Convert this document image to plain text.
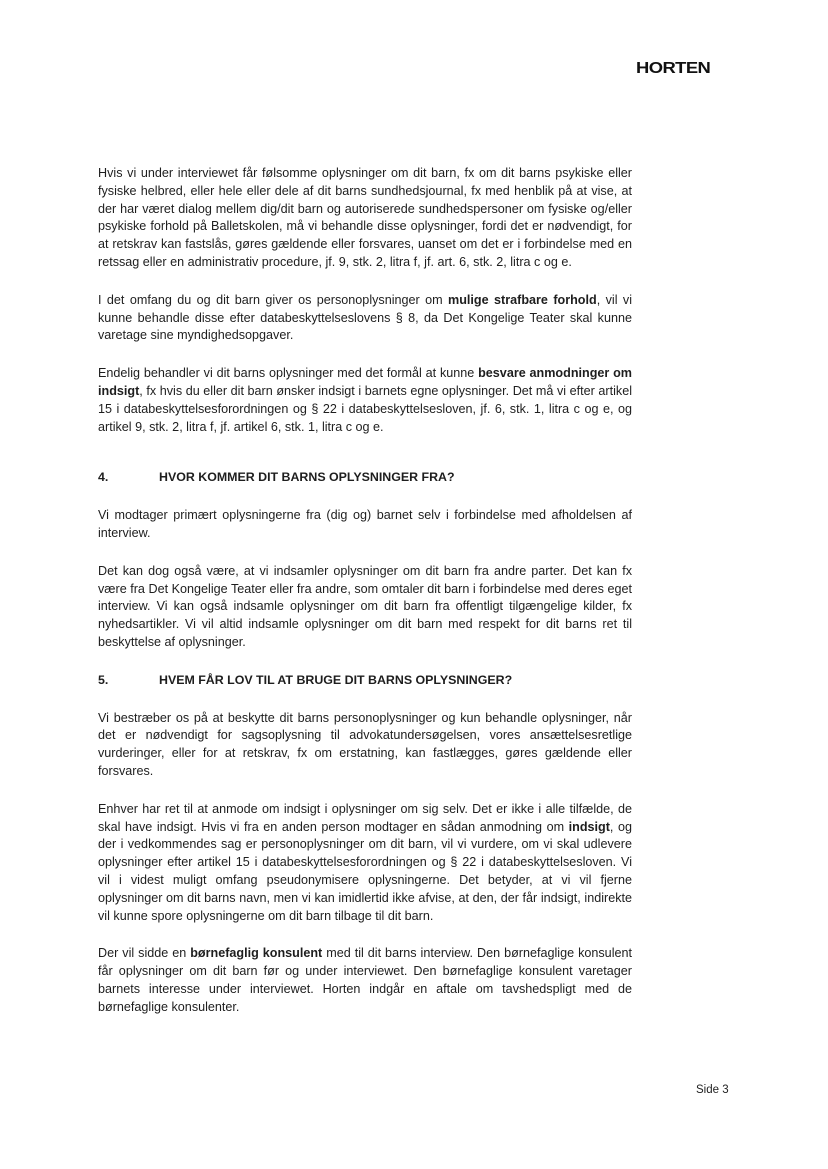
HORTEN

Hvis vi under interviewet får følsomme oplysninger om dit barn, fx om dit barns psykiske eller fysiske helbred, eller hele eller dele af dit barns sundhedsjournal, fx med henblik på at vise, at der har været dialog mellem dig/dit barn og autoriserede sundhedspersoner om fysiske og/eller psykiske forhold på Balletskolen, må vi behandle disse oplysninger, fordi det er nødvendigt, for at retskrav kan fastslås, gøres gældende eller forsvares, uanset om det er i forbindelse med en retssag eller en administrativ procedure, jf. 9, stk. 2, litra f, jf. art. 6, stk. 2, litra c og e.

I det omfang du og dit barn giver os personoplysninger om mulige strafbare forhold, vil vi kunne behandle disse efter databeskyttelseslovens § 8, da Det Kongelige Teater skal kunne varetage sine myndighedsopgaver.

Endelig behandler vi dit barns oplysninger med det formål at kunne besvare anmodninger om indsigt, fx hvis du eller dit barn ønsker indsigt i barnets egne oplysninger. Det må vi efter artikel 15 i databeskyttelsesforordningen og § 22 i databeskyttelsesloven, jf. 6, stk. 1, litra c og e, og artikel 9, stk. 2, litra f, jf. artikel 6, stk. 1, litra c og e.

4.	HVOR KOMMER DIT BARNS OPLYSNINGER FRA?

Vi modtager primært oplysningerne fra (dig og) barnet selv i forbindelse med afholdelsen af interview.

Det kan dog også være, at vi indsamler oplysninger om dit barn fra andre parter. Det kan fx være fra Det Kongelige Teater eller fra andre, som omtaler dit barn i forbindelse med deres eget interview. Vi kan også indsamle oplysninger om dit barn fra offentligt tilgængelige kilder, fx nyhedsartikler. Vi vil altid indsamle oplysninger om dit barn med respekt for dit barns ret til beskyttelse af oplysninger.

5.	HVEM FÅR LOV TIL AT BRUGE DIT BARNS OPLYSNINGER?

Vi bestræber os på at beskytte dit barns personoplysninger og kun behandle oplysninger, når det er nødvendigt for sagsoplysning til advokatundersøgelsen, vores ansættelsesretlige vurderinger, eller for at retskrav, fx om erstatning, kan fastlægges, gøres gældende eller forsvares.

Enhver har ret til at anmode om indsigt i oplysninger om sig selv. Det er ikke i alle tilfælde, de skal have indsigt. Hvis vi fra en anden person modtager en sådan anmodning om indsigt, og der i vedkommendes sag er personoplysninger om dit barn, vil vi vurdere, om vi skal udlevere oplysninger efter artikel 15 i databeskyttelsesforordningen og § 22 i databeskyttelsesloven. Vi vil i videst muligt omfang pseudonymisere oplysningerne. Det betyder, at vi vil fjerne oplysninger om dit barns navn, men vi kan imidlertid ikke afvise, at den, der får indsigt, indirekte vil kunne spore oplysningerne om dit barn tilbage til dit barn.

Der vil sidde en børnefaglig konsulent med til dit barns interview. Den børnefaglige konsulent får oplysninger om dit barn før og under interviewet. Den børnefaglige konsulent varetager barnets interesse under interviewet. Horten indgår en aftale om tavshedspligt med de børnefaglige konsulenter.

Side 3
